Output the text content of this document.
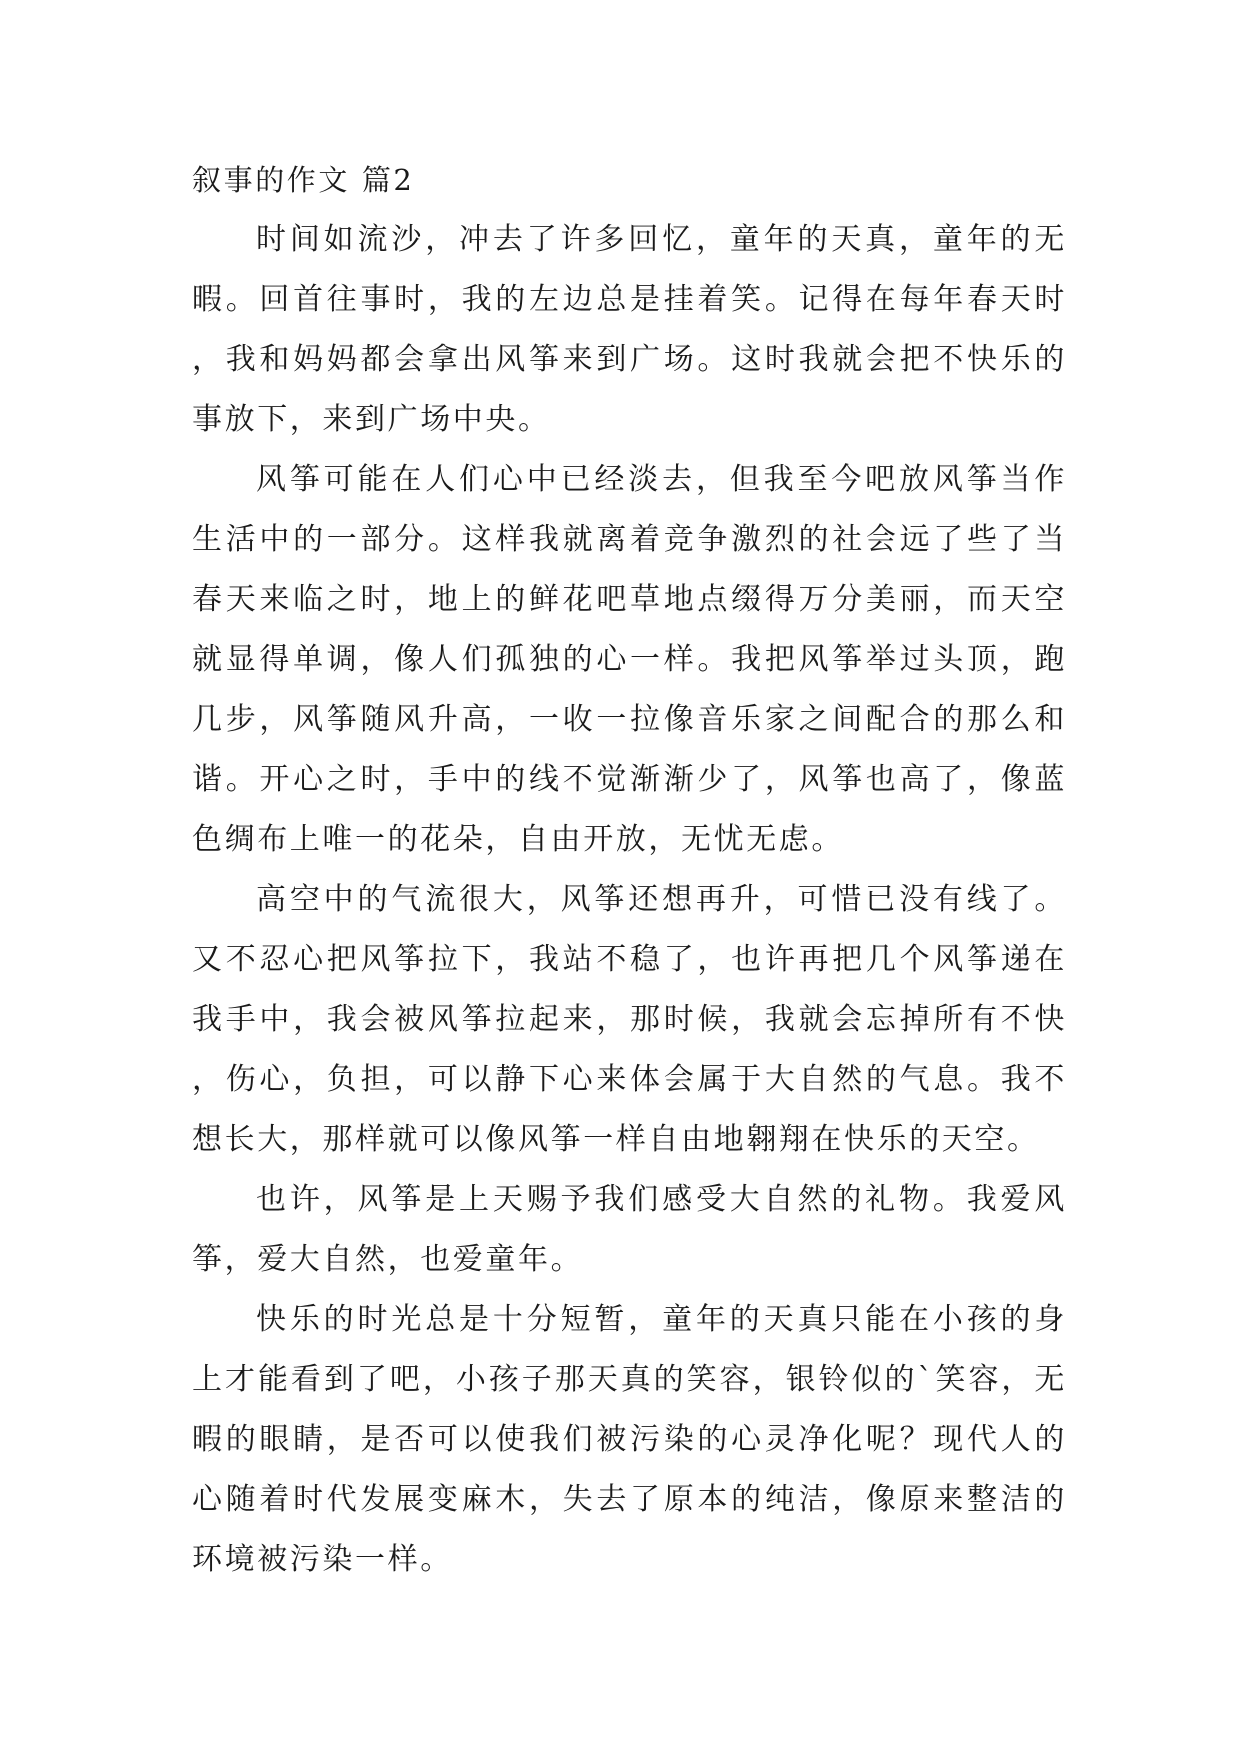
叙事的作文 篇2

时间如流沙，冲去了许多回忆，童年的天真，童年的无暇。回首往事时，我的左边总是挂着笑。记得在每年春天时，我和妈妈都会拿出风筝来到广场。这时我就会把不快乐的事放下，来到广场中央。

风筝可能在人们心中已经淡去，但我至今吧放风筝当作生活中的一部分。这样我就离着竞争激烈的社会远了些了当春天来临之时，地上的鲜花吧草地点缀得万分美丽，而天空就显得单调，像人们孤独的心一样。我把风筝举过头顶，跑几步，风筝随风升高，一收一拉像音乐家之间配合的那么和谐。开心之时，手中的线不觉渐渐少了，风筝也高了，像蓝色绸布上唯一的花朵，自由开放，无忧无虑。

高空中的气流很大，风筝还想再升，可惜已没有线了。又不忍心把风筝拉下，我站不稳了，也许再把几个风筝递在我手中，我会被风筝拉起来，那时候，我就会忘掉所有不快，伤心，负担，可以静下心来体会属于大自然的气息。我不想长大，那样就可以像风筝一样自由地翱翔在快乐的天空。

也许，风筝是上天赐予我们感受大自然的礼物。我爱风筝，爱大自然，也爱童年。

快乐的时光总是十分短暂，童年的天真只能在小孩的身上才能看到了吧，小孩子那天真的笑容，银铃似的`笑容，无暇的眼睛，是否可以使我们被污染的心灵净化呢？现代人的心随着时代发展变麻木，失去了原本的纯洁，像原来整洁的环境被污染一样。
